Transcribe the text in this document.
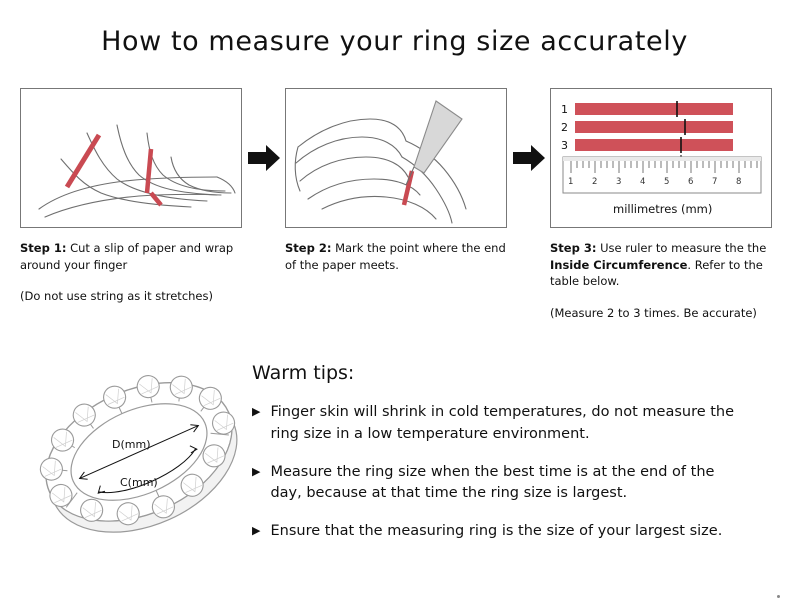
How to measure your ring size accurately
Step 1: Cut a slip of paper and wrap around your finger
(Do not use string as it stretches)
Step 2: Mark the point where the end of the paper meets.
1
2
3
1 2 3 4 5 6 7 8
millimetres (mm)
Step 3: Use ruler to measure the the Inside Circumference. Refer to the table below.
(Measure 2 to 3 times. Be accurate)
D(mm)
C(mm)
Warm tips:
▶ Finger skin will shrink in cold temperatures, do not measure the ring size in a low temperature environment.
▶ Measure the ring size when the best time is at the end of the day, because at that time the ring size is largest.
▶ Ensure that the measuring ring is the size of your largest size.
